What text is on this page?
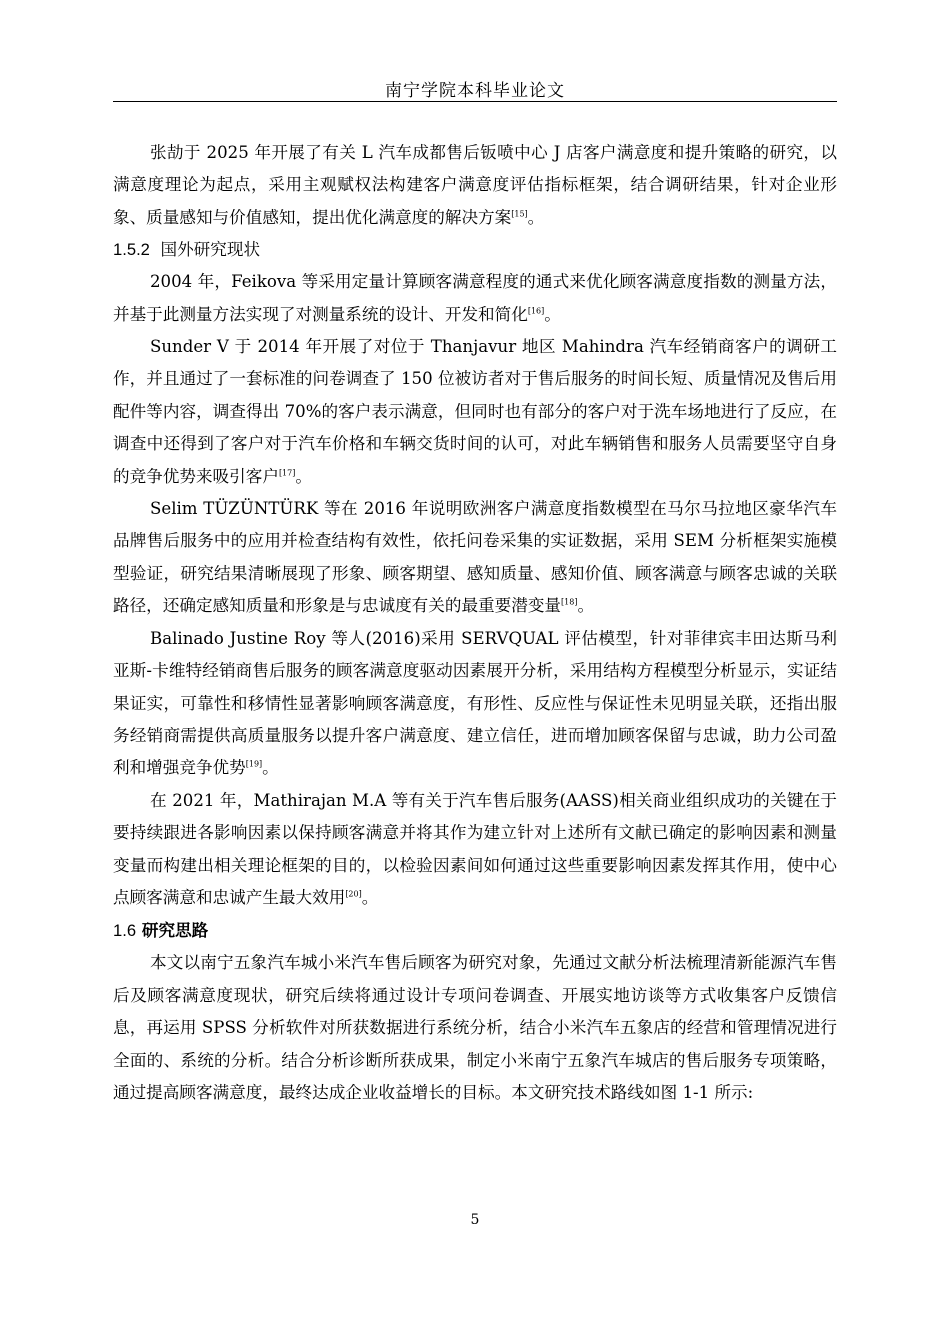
南宁学院本科毕业论文

张劼于 2025 年开展了有关 L 汽车成都售后钣喷中心 J 店客户满意度和提升策略的研究，以满意度理论为起点，采用主观赋权法构建客户满意度评估指标框架，结合调研结果，针对企业形象、质量感知与价值感知，提出优化满意度的解决方案[15]。

1.5.2 国外研究现状

2004 年，Feikova 等采用定量计算顾客满意程度的通式来优化顾客满意度指数的测量方法，并基于此测量方法实现了对测量系统的设计、开发和简化[16]。

Sunder V 于 2014 年开展了对位于 Thanjavur 地区 Mahindra 汽车经销商客户的调研工作，并且通过了一套标准的问卷调查了 150 位被访者对于售后服务的时间长短、质量情况及售后用配件等内容，调查得出 70%的客户表示满意，但同时也有部分的客户对于洗车场地进行了反应，在调查中还得到了客户对于汽车价格和车辆交货时间的认可，对此车辆销售和服务人员需要坚守自身的竞争优势来吸引客户[17]。

Selim TÜZÜNTÜRK 等在 2016 年说明欧洲客户满意度指数模型在马尔马拉地区豪华汽车品牌售后服务中的应用并检查结构有效性，依托问卷采集的实证数据，采用 SEM 分析框架实施模型验证，研究结果清晰展现了形象、顾客期望、感知质量、感知价值、顾客满意与顾客忠诚的关联路径，还确定感知质量和形象是与忠诚度有关的最重要潜变量[18]。

Balinado Justine Roy 等人(2016)采用 SERVQUAL 评估模型，针对菲律宾丰田达斯马利亚斯-卡维特经销商售后服务的顾客满意度驱动因素展开分析，采用结构方程模型分析显示，实证结果证实，可靠性和移情性显著影响顾客满意度，有形性、反应性与保证性未见明显关联，还指出服务经销商需提供高质量服务以提升客户满意度、建立信任，进而增加顾客保留与忠诚，助力公司盈利和增强竞争优势[19]。

在 2021 年，Mathirajan M.A 等有关于汽车售后服务(AASS)相关商业组织成功的关键在于要持续跟进各影响因素以保持顾客满意并将其作为建立针对上述所有文献已确定的影响因素和测量变量而构建出相关理论框架的目的，以检验因素间如何通过这些重要影响因素发挥其作用，使中心点顾客满意和忠诚产生最大效用[20]。

1.6 研究思路

本文以南宁五象汽车城小米汽车售后顾客为研究对象，先通过文献分析法梳理清新能源汽车售后及顾客满意度现状，研究后续将通过设计专项问卷调查、开展实地访谈等方式收集客户反馈信息，再运用 SPSS 分析软件对所获数据进行系统分析，结合小米汽车五象店的经营和管理情况进行全面的、系统的分析。结合分析诊断所获成果，制定小米南宁五象汽车城店的售后服务专项策略，通过提高顾客满意度，最终达成企业收益增长的目标。本文研究技术路线如图 1-1 所示:

5
